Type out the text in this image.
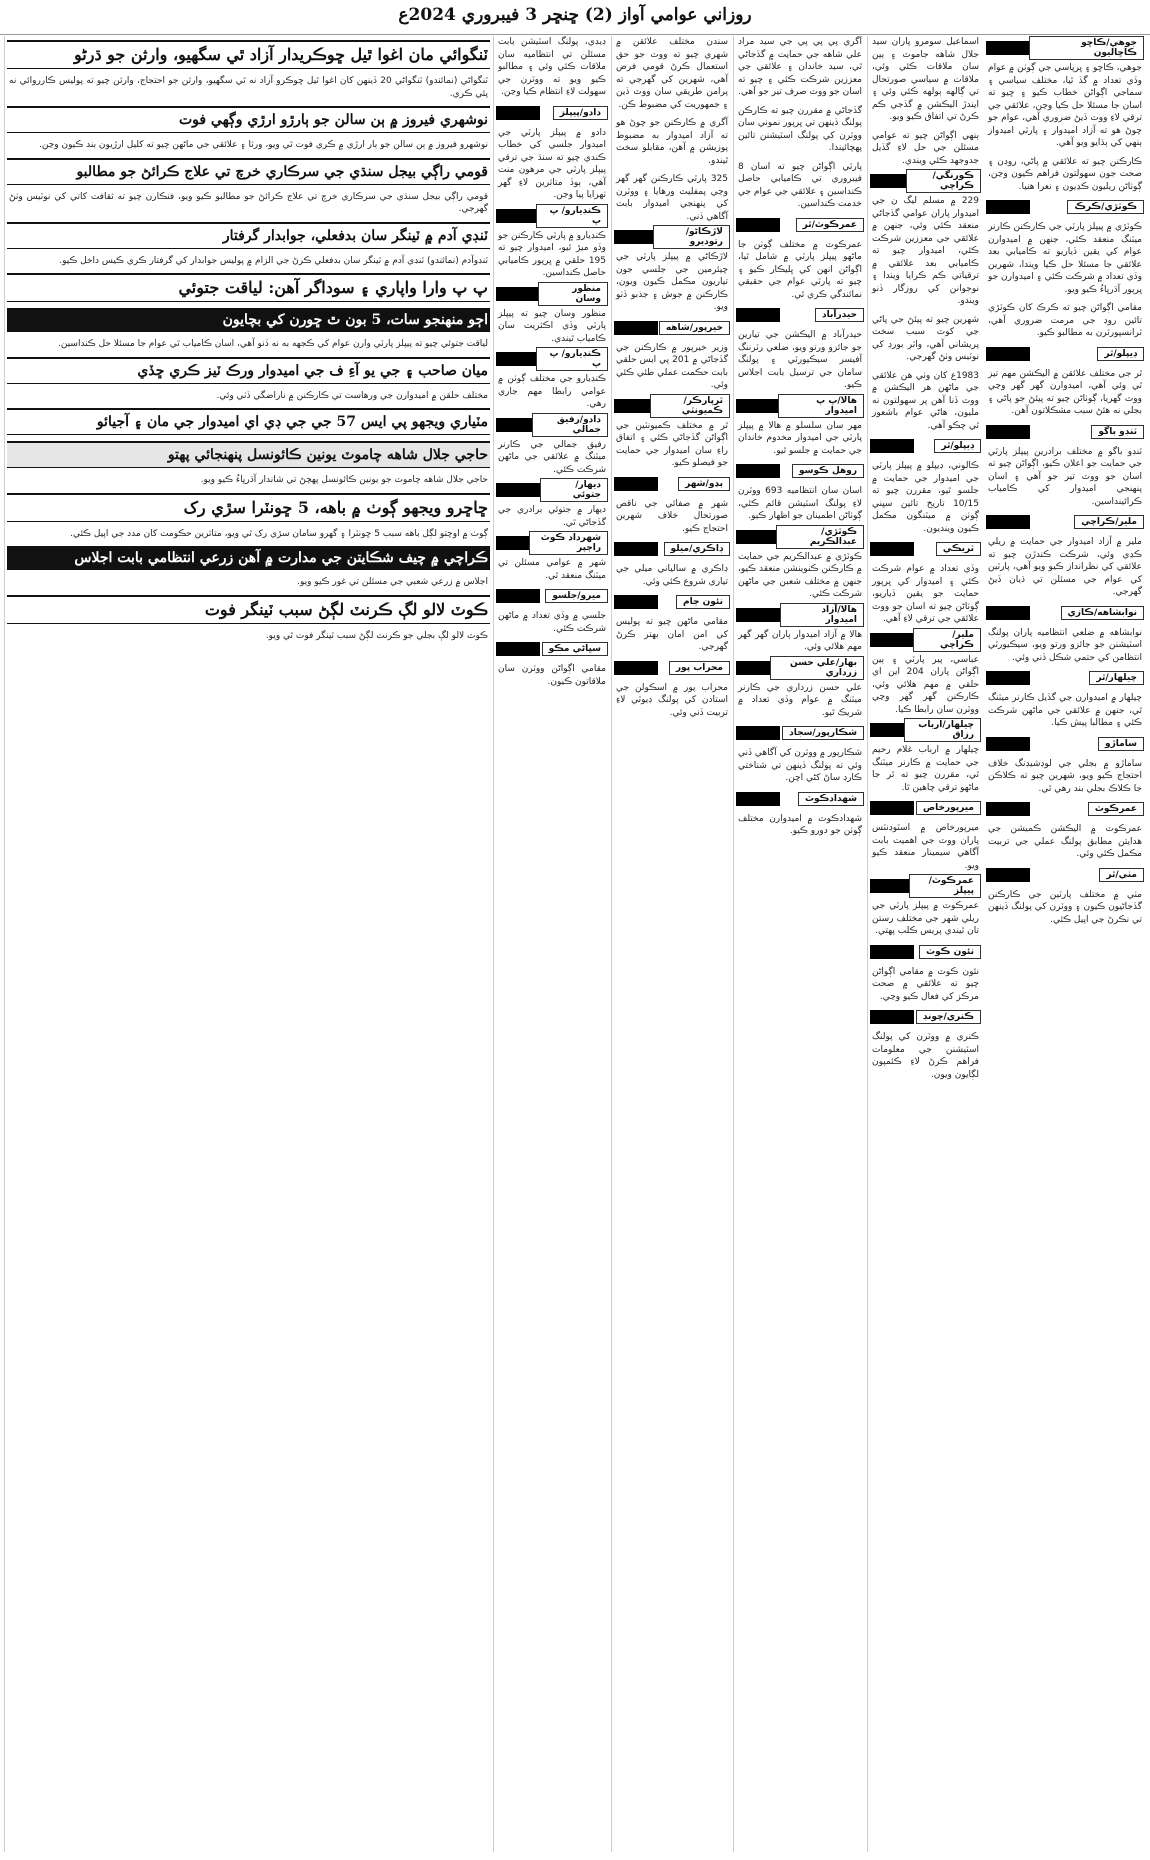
روزاني عوامي آواز (2) ڇنڇر 3 فيبروري 2024ع
جوهي/ڪاڇو ڪاڇاليون

جوهي، ڪاڇو ۽ ڀرپاسي جي ڳوٺن ۾ عوام وڏي تعداد ۾ گڏ ٿيا، مختلف سياسي ۽ سماجي اڳواڻن خطاب ڪيو ۽ ڇيو ته اسان جا مسئلا حل ڪيا وڃن، علائقي جي ترقي لاءِ ووٽ ڏيڻ ضروري آهي، عوام جو چوڻ هو ته آزاد اميدوار ۽ پارٽي اميدوار ٻنهي کي ٻڌايو ويو آهي.

ڪارڪنن چيو ته علائقي ۾ پاڻي، روڊن ۽ صحت جون سهولتون فراهم ڪيون وڃن، ڳوٺاڻن ريليون ڪڍيون ۽ نعرا هنيا.

ڪوٽڙي/ڪرڪ

ڪوٽڙي ۾ پيپلز پارٽي جي ڪارڪنن ڪارنر ميٽنگ منعقد ڪئي، جنهن ۾ اميدوارن عوام کي يقين ڏياريو ته ڪاميابي بعد علائقي جا مسئلا حل ڪيا ويندا، شهرين وڏي تعداد ۾ شرڪت ڪئي ۽ اميدوارن جو ڀرپور آڌرڀاءُ ڪيو ويو.

مقامي اڳواڻن چيو ته ڪرڪ کان ڪوٽڙي تائين روڊ جي مرمت ضروري آهي، ٽرانسپورٽرن به مطالبو ڪيو.

ڊيپلو/ٿر

ٿر جي مختلف علائقن ۾ اليڪشن مهم تيز ٿي وئي آهي، اميدوارن گهر گهر وڃي ووٽ گهريا، ڳوٺاڻن چيو ته پيئڻ جو پاڻي ۽ بجلي نه هئڻ سبب مشڪلاتون آهن.

ٽنڊو باگو

ٽنڊو باگو ۾ مختلف برادرين پيپلز پارٽي جي حمايت جو اعلان ڪيو، اڳواڻن چيو ته اسان جو ووٽ تير جو آهي ۽ اسان پنهنجي اميدوار کي ڪامياب ڪرائينداسين.

ملير/ڪراچي

ملير ۾ آزاد اميدوار جي حمايت ۾ ريلي ڪڍي وئي، شرڪت ڪندڙن چيو ته علائقي کي نظرانداز ڪيو ويو آهي، پارٽين کي عوام جي مسئلن تي ڌيان ڏيڻ گهرجي.

نوابشاهه/ڪازي

نوابشاهه ۾ ضلعي انتظاميه پاران پولنگ اسٽيشنن جو جائزو ورتو ويو، سيڪيورٽي انتظامن کي حتمي شڪل ڏني وئي.

چيلهار/ٿر

چيلهار ۾ اميدوارن جي گڏيل ڪارنر ميٽنگ ٿي، جنهن ۾ علائقي جي ماڻهن شرڪت ڪئي ۽ مطالبا پيش ڪيا.

ساماڙو

ساماڙو ۾ بجلي جي لوڊشيڊنگ خلاف احتجاج ڪيو ويو، شهرين چيو ته ڪلاڪن جا ڪلاڪ بجلي بند رهي ٿي.

عمرڪوٽ

عمرڪوٽ ۾ اليڪشن ڪميشن جي هدايتن مطابق پولنگ عملي جي تربيت مڪمل ڪئي وئي.

مٺي/ٿر

مٺي ۾ مختلف پارٽين جي ڪارڪنن گڏجاڻيون ڪيون ۽ ووٽرن کي پولنگ ڏينهن تي نڪرڻ جي اپيل ڪئي.

اسماعيل سومرو پاران سيد جلال شاهه جاموٽ ۽ ٻين سان ملاقات ڪئي وئي، ملاقات ۾ سياسي صورتحال تي ڳالهه ٻولهه ڪئي وئي ۽ ايندڙ اليڪشن ۾ گڏجي ڪم ڪرڻ تي اتفاق ڪيو ويو.

ٻنهي اڳواڻن چيو ته عوامي مسئلن جي حل لاءِ گڏيل جدوجهد ڪئي ويندي.

ڪورنگي/ڪراچي

229 ۾ مسلم ليگ ن جي اميدوار پاران عوامي گڏجاڻي منعقد ڪئي وئي، جنهن ۾ علائقي جي معززين شرڪت ڪئي، اميدوار چيو ته ڪاميابي بعد علائقي ۾ ترقياتي ڪم ڪرايا ويندا ۽ نوجوانن کي روزگار ڏنو ويندو.

شهرين چيو ته پيئڻ جي پاڻي جي کوٽ سبب سخت پريشاني آهي، واٽر بورڊ کي نوٽيس وٺڻ گهرجي.

1983ع کان وٺي هن علائقي جي ماڻهن هر اليڪشن ۾ ووٽ ڏنا آهن پر سهولتون نه مليون، هاڻي عوام باشعور ٿي چڪو آهي.

ڊيپلو/ٿر

ڪالوني، ڊيپلو ۾ پيپلز پارٽي جي اميدوار جي حمايت ۾ جلسو ٿيو، مقررن چيو ته 10/15 تاريخ تائين سڀني ڳوٺن ۾ ميٽنگون مڪمل ڪيون وينديون.

ٽريڪي

وڏي تعداد ۾ عوام شرڪت ڪئي ۽ اميدوار کي ڀرپور حمايت جو يقين ڏياريو، ڳوٺاڻن چيو ته اسان جو ووٽ علائقي جي ترقي لاءِ آهي.

ملير/ڪراچي

عباسي، پير پارٽي ۽ ٻين اڳواڻن پاران 204 اين اي حلقي ۾ مهم هلائي وئي، ڪارڪنن گهر گهر وڃي ووٽرن سان رابطا ڪيا.

چيلهار/ارباب رزاق

چيلهار ۾ ارباب غلام رحيم جي حمايت ۾ ڪارنر ميٽنگ ٿي، مقررن چيو ته ٿر جا ماڻهو ترقي چاهين ٿا.

ميرپورخاص

ميرپورخاص ۾ اسٽوڊنٽس پاران ووٽ جي اهميت بابت آگاهي سيمينار منعقد ڪيو ويو.

عمرڪوٽ/پيپلز

عمرڪوٽ ۾ پيپلز پارٽي جي ريلي شهر جي مختلف رستن تان ٿيندي پريس ڪلب پهتي.

نئون ڪوٽ

نئون ڪوٽ ۾ مقامي اڳواڻن چيو ته علائقي ۾ صحت مرڪز کي فعال ڪيو وڃي.

ڪنري/چونڊ

ڪنري ۾ ووٽرن کي پولنگ اسٽيشنن جي معلومات فراهم ڪرڻ لاءِ ڪئمپون لڳايون ويون.

آگري پي پي پي جي سيد مراد علي شاهه جي حمايت ۾ گڏجاڻي ٿي، سيد خاندان ۽ علائقي جي معززين شرڪت ڪئي ۽ چيو ته اسان جو ووٽ صرف تير جو آهي.

گڏجاڻي ۾ مقررن چيو ته ڪارڪن پولنگ ڏينهن تي ڀرپور نموني سان ووٽرن کي پولنگ اسٽيشنن تائين پهچائيندا.

پارٽي اڳواڻن چيو ته اسان 8 فيبروري تي ڪاميابي حاصل ڪنداسين ۽ علائقي جي عوام جي خدمت ڪنداسين.

عمرڪوٽ/ٿر

عمرڪوٽ ۾ مختلف ڳوٺن جا ماڻهو پيپلز پارٽي ۾ شامل ٿيا، اڳواڻن انهن کي ڀليڪار ڪيو ۽ چيو ته پارٽي عوام جي حقيقي نمائندگي ڪري ٿي.

حيدرآباد

حيدرآباد ۾ اليڪشن جي تيارين جو جائزو ورتو ويو، ضلعي رٽرننگ آفيسر سيڪيورٽي ۽ پولنگ سامان جي ترسيل بابت اجلاس ڪيو.

هالا/پ پ اميدوار

مهر سان سلسلو ۾ هالا ۾ پيپلز پارٽي جي اميدوار مخدوم خاندان جي حمايت ۾ جلسو ٿيو.

روهل ڪوسو

اسان سان انتظاميه 693 ووٽرن لاءِ پولنگ اسٽيشن قائم ڪئي، ڳوٺاڻن اطمينان جو اظهار ڪيو.

ڪوٽڙي/عبدالڪريم

ڪوٽڙي ۾ عبدالڪريم جي حمايت ۾ ڪارڪنن ڪنوينشن منعقد ڪيو، جنهن ۾ مختلف شعبن جي ماڻهن شرڪت ڪئي.

هالا/آزاد اميدوار

هالا ۾ آزاد اميدوار پاران گهر گهر مهم هلائي وئي.

بهار/علي حسن زرداري

علي حسن زرداري جي ڪارنر ميٽنگ ۾ عوام وڏي تعداد ۾ شريڪ ٿيو.

شڪارپور/سجاد

شڪارپور ۾ ووٽرن کي آگاهي ڏني وئي ته پولنگ ڏينهن تي شناختي ڪارڊ ساڻ کڻي اچن.

شهدادڪوٽ

شهدادڪوٽ ۾ اميدوارن مختلف ڳوٺن جو دورو ڪيو.

سندن مختلف علائقن ۾ شهري چيو ته ووٽ جو حق استعمال ڪرڻ قومي فرض آهي، شهرين کي گهرجي ته پرامن طريقي سان ووٽ ڏين ۽ جمهوريت کي مضبوط ڪن.

آگري ۾ ڪارڪنن جو چوڻ هو ته آزاد اميدوار به مضبوط پوزيشن ۾ آهن، مقابلو سخت ٿيندو.

325 پارٽي ڪارڪنن گهر گهر وڃي پمفليٽ ورهايا ۽ ووٽرن کي پنهنجي اميدوار بابت آگاهي ڏني.

لاڙڪاڻو/رتوديرو

لاڙڪاڻي ۾ پيپلز پارٽي جي چيئرمين جي جلسي جون تياريون مڪمل ڪيون ويون، ڪارڪنن ۾ جوش ۽ جذبو ڏٺو ويو.

خيرپور/شاهه

وزير خيرپور ۾ ڪارڪنن جي گڏجاڻي ۾ 201 پي ايس حلقي بابت حڪمت عملي طئي ڪئي وئي.

ٿرپارڪر/ڪميونٽي

ٿر ۾ مختلف ڪميونٽين جي اڳواڻن گڏجاڻي ڪئي ۽ اتفاق راءِ سان اميدوار جي حمايت جو فيصلو ڪيو.

ٻڍو/شهر

شهر ۾ صفائي جي ناقص صورتحال خلاف شهرين احتجاج ڪيو.

ڊاڪري/ميلو

ڊاڪري ۾ سالياني ميلي جي تياري شروع ڪئي وئي.

نئون ڄام

مقامي ماڻهن چيو ته پوليس کي امن امان بهتر ڪرڻ گهرجي.

محراب پور

محراب پور ۾ اسڪولن جي استادن کي پولنگ ڊيوٽي لاءِ تربيت ڏني وئي.

ڊيڊي، پولنگ اسٽيشن بابت مسئلن تي انتظاميه سان ملاقات ڪئي وئي ۽ مطالبو ڪيو ويو ته ووٽرن جي سهولت لاءِ انتظام ڪيا وڃن.

دادو/پيپلز

دادو ۾ پيپلز پارٽي جي اميدوار جلسي کي خطاب ڪندي چيو ته سنڌ جي ترقي پيپلز پارٽي جي مرهون منت آهي، ٻوڏ متاثرين لاءِ گهر ٺهرايا پيا وڃن.

ڪنڊيارو/ پ پ

ڪنڊيارو ۾ پارٽي ڪارڪنن جو وڏو ميڙ ٿيو، اميدوار چيو ته 195 حلقي ۾ ڀرپور ڪاميابي حاصل ڪنداسين.

منظور وسان

منظور وسان چيو ته پيپلز پارٽي وڏي اڪثريت سان ڪامياب ٿيندي.

ڪنڊيارو/ پ پ

ڪنڊيارو جي مختلف ڳوٺن ۾ عوامي رابطا مهم جاري رهي.

دادو/رفيق جمالي

رفيق جمالي جي ڪارنر ميٽنگ ۾ علائقي جي ماڻهن شرڪت ڪئي.

ديهار/جتوئي

ديهار ۾ جتوئي برادري جي گڏجاڻي ٿي.

شهرداد ڪوٽ راڄپر

شهر ۾ عوامي مسئلن تي ميٽنگ منعقد ٿي.

ميرو/جلسو

جلسي ۾ وڏي تعداد ۾ ماڻهن شرڪت ڪئي.

سڀاڻي مڪو

مقامي اڳواڻن ووٽرن سان ملاقاتون ڪيون.

ٽنگوائي مان اغوا ٿيل ڇوڪريدار آزاد ٿي سگهيو، وارثن جو ڌرڻو

ٽنگواڻي (نمائندو) ٽنگواڻي 20 ڏينهن کان اغوا ٿيل ڇوڪرو آزاد نه ٿي سگهيو، وارثن جو احتجاج، وارثن چيو ته پوليس ڪارروائي نه پئي ڪري.

نوشهري فيروز ۾ ٻن سالن جو ٻارڙو ارڙي وڳهي فوت

نوشهرو فيروز ۾ ٻن سالن جو ٻار ارڙي ۾ ڪري فوت ٿي ويو، ورثا ۽ علائقي جي ماڻهن چيو ته کليل ارڙيون بند ڪيون وڃن.

قومي راڳي بيجل سنڌي جي سرڪاري خرچ تي علاج ڪرائڻ جو مطالبو

قومي راڳي بيجل سنڌي جي سرڪاري خرچ تي علاج ڪرائڻ جو مطالبو ڪيو ويو، فنڪارن چيو ته ثقافت کاتي کي نوٽيس وٺڻ گهرجي.

ٽنڊي آدم ۾ ٽينگر سان بدفعلي، جوابدار گرفتار

ٽنڊوآدم (نمائندو) ٽنڊي آدم ۾ ٽينگر سان بدفعلي ڪرڻ جي الزام ۾ پوليس جوابدار کي گرفتار ڪري ڪيس داخل ڪيو.

پ پ وارا واپاري ۽ سوداگر آهن: لياقت جتوئي
اڄو منهنجو سات، 5 بون ٿ ڇورن کي بچايون

لياقت جتوئي چيو ته پيپلز پارٽي وارن عوام کي ڪجهه به نه ڏنو آهي، اسان ڪامياب ٿي عوام جا مسئلا حل ڪنداسين.

ميان صاحب ۽ جي يو آءِ ف جي اميدوار ورڪ ٽيز ڪري ڇڏي

مختلف حلقن ۾ اميدوارن جي ورهاست تي ڪارڪنن ۾ ناراضگي ڏٺي وئي.

مٽياري ويجهو پي ايس 57 جي جي ڊي اي اميدوار جي مان ۽ آجيائو
حاجي جلال شاهه چاموٽ يونين ڪائونسل پنهنجائي پهتو

حاجي جلال شاهه چاموٽ جو يونين ڪائونسل پهچڻ تي شاندار آڌرڀاءُ ڪيو ويو.

ڇاڇرو ويجهو ڳوٺ ۾ باهه، 5 ڇونٽرا سڙي رک

ڳوٺ ۾ اوچتو لڳل باهه سبب 5 ڇونٽرا ۽ گهرو سامان سڙي رک ٿي ويو، متاثرين حڪومت کان مدد جي اپيل ڪئي.

ڪراچي ۾ چيف شڪايتن جي مدارت ۾ آهن زرعي انتظامي بابت اجلاس

اجلاس ۾ زرعي شعبي جي مسئلن تي غور ڪيو ويو.

ڪوٽ لالو لڳ ڪرنٽ لڳڻ سبب ٽينگر فوت

ڪوٽ لالو لڳ بجلي جو ڪرنٽ لڳڻ سبب ٽينگر فوت ٿي ويو.
